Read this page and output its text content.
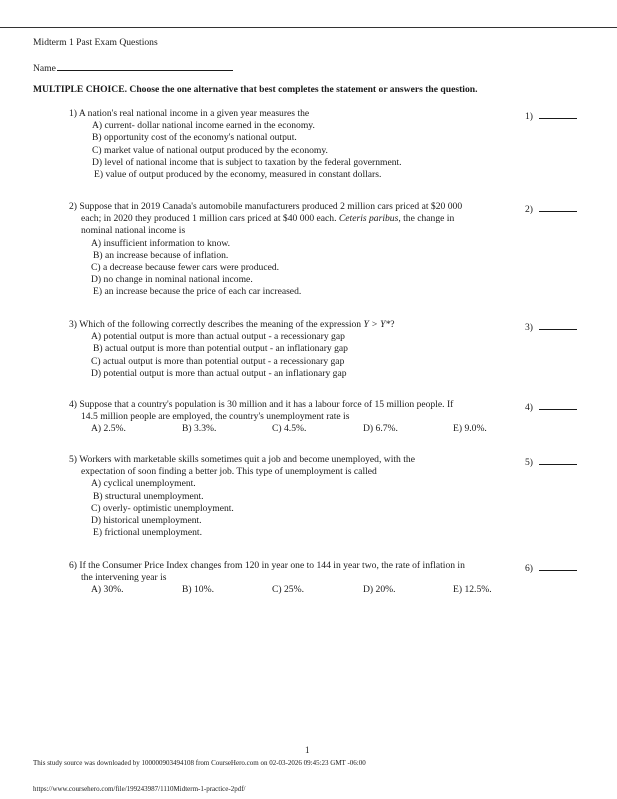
Midterm 1 Past Exam Questions
Name
MULTIPLE CHOICE. Choose the one alternative that best completes the statement or answers the question.
1) A nation's real national income in a given year measures the
A) current- dollar national income earned in the economy.
B) opportunity cost of the economy's national output.
C) market value of national output produced by the economy.
D) level of national income that is subject to taxation by the federal government.
E) value of output produced by the economy, measured in constant dollars.
1)
2) Suppose that in 2019 Canada's automobile manufacturers produced 2 million cars priced at $20 000
each; in 2020 they produced 1 million cars priced at $40 000 each. Ceteris paribus, the change in
nominal national income is
A) insufficient information to know.
B) an increase because of inflation.
C) a decrease because fewer cars were produced.
D) no change in nominal national income.
E) an increase because the price of each car increased.
2)
3) Which of the following correctly describes the meaning of the expression Y > Y*?
A) potential output is more than actual output - a recessionary gap
B) actual output is more than potential output - an inflationary gap
C) actual output is more than potential output - a recessionary gap
D) potential output is more than actual output - an inflationary gap
3)
4) Suppose that a country's population is 30 million and it has a labour force of 15 million people. If
14.5 million people are employed, the country's unemployment rate is
A) 2.5%.	B) 3.3%.	C) 4.5%.	D) 6.7%.	E) 9.0%.
4)
5) Workers with marketable skills sometimes quit a job and become unemployed, with the
expectation of soon finding a better job. This type of unemployment is called
A) cyclical unemployment.
B) structural unemployment.
C) overly- optimistic unemployment.
D) historical unemployment.
E) frictional unemployment.
5)
6) If the Consumer Price Index changes from 120 in year one to 144 in year two, the rate of inflation in
the intervening year is
A) 30%.	B) 10%.	C) 25%.	D) 20%.	E) 12.5%.
6)
1
This study source was downloaded by 100000903494108 from CourseHero.com on 02-03-2026 09:45:23 GMT -06:00
https://www.coursehero.com/file/199243987/1110Midterm-1-practice-2pdf/
